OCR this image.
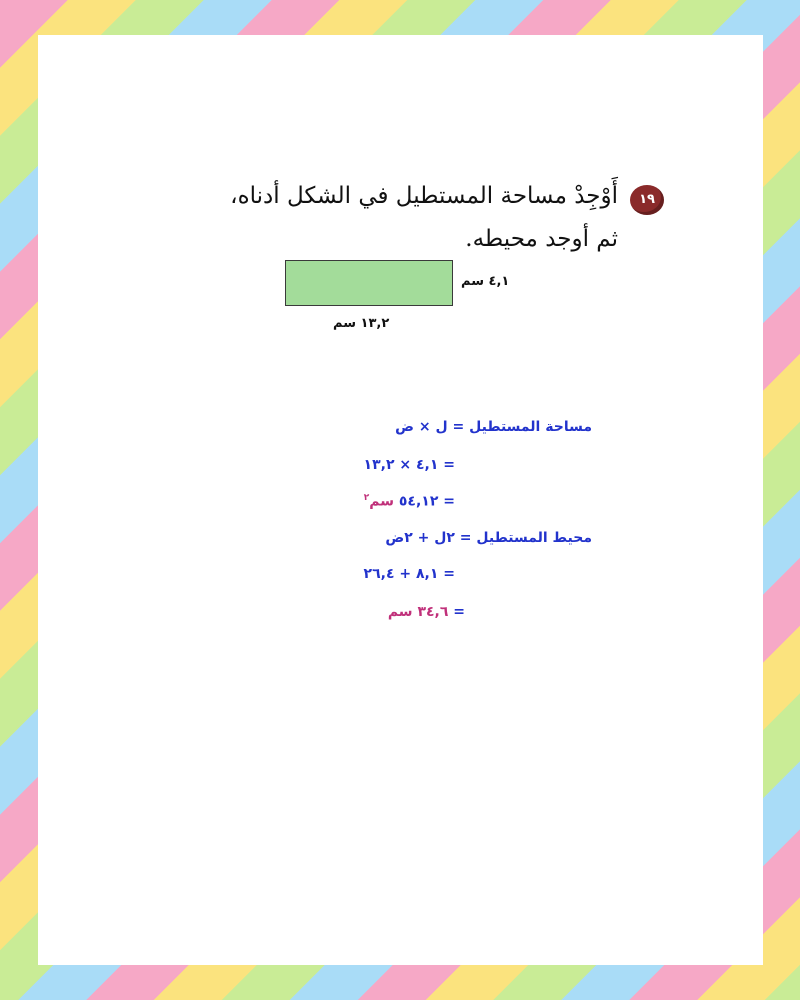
١٩
أَوْجِدْ مساحة المستطيل في الشكل أدناه،
ثم أوجد محيطه.
٤,١ سم
١٣,٢ سم
مساحة المستطيل = ل × ض
= ٤,١ × ١٣,٢
= ٥٤,١٢ سم$^٢$
محيط المستطيل = ٢ل + ٢ض
= ٨,١ + ٢٦,٤
= ٣٤,٦ سم
